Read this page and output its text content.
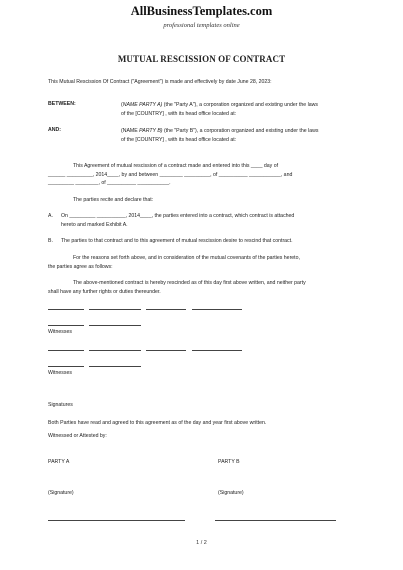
AllBusinessTemplates.com
professional templates online
MUTUAL RESCISSION OF CONTRACT
This Mutual Rescission Of Contract ("Agreement") is made and effectively by date June 28, 2023:
BETWEEN:	(NAME PARTY A) (the "Party A"), a corporation organized and existing under the laws
of the [COUNTRY] , with its head office located at:
AND:	(NAME PARTY B) (the "Party B"), a corporation organized and existing under the laws
of the [COUNTRY] , with its head office located at:
This Agreement of mutual rescission of a contract made and entered into this ____ day of
______ _________, 2014____, by and between ________ _________, of __________ ___________, and
_________ ________, of __________ ___________.
The parties recite and declare that:
A. On _________ __________, 2014____, the parties entered into a contract, which contract is attached
hereto and marked Exhibit A.
B. The parties to that contract and to this agreement of mutual rescission desire to rescind that contract.
For the reasons set forth above, and in consideration of the mutual covenants of the parties hereto,
the parties agree as follows:
The above-mentioned contract is hereby rescinded as of this day first above written, and neither party
shall have any further rights or duties thereunder.
Witnesses
Witnesses
Signatures
Both Parties have read and agreed to this agreement as of the day and year first above written.
Witnessed or Attested by:
PARTY A	PARTY B
(Signature)	(Signature)
1 / 2
